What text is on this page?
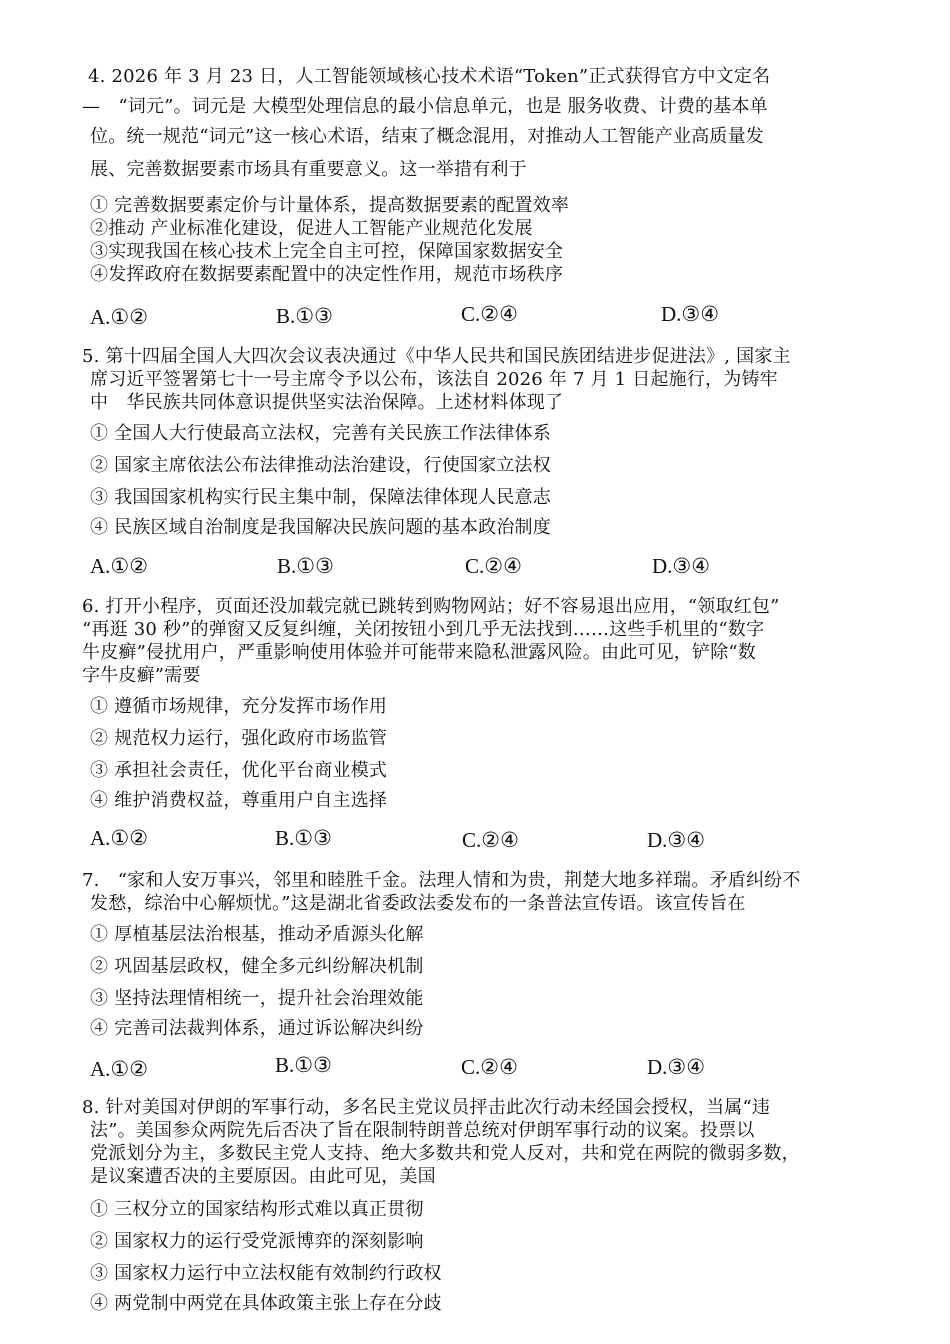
4. 2026 年 3 月 23 日，人工智能领域核心技术术语“Token”正式获得官方中文定名
—　“词元”。词元是 大模型处理信息的最小信息单元，也是 服务收费、计费的基本单
位。统一规范“词元”这一核心术语，结束了概念混用，对推动人工智能产业高质量发
展、完善数据要素市场具有重要意义。这一举措有利于
① 完善数据要素定价与计量体系，提高数据要素的配置效率
②推动 产业标准化建设，促进人工智能产业规范化发展
③实现我国在核心技术上完全自主可控，保障国家数据安全
④发挥政府在数据要素配置中的决定性作用，规范市场秩序
A.①②	B.①③	C.②④	D.③④
5. 第十四届全国人大四次会议表决通过《中华人民共和国民族团结进步促进法》, 国家主
席习近平签署第七十一号主席令予以公布，该法自 2026 年 7 月 1 日起施行，为铸牢
中　华民族共同体意识提供坚实法治保障。上述材料体现了
① 全国人大行使最高立法权，完善有关民族工作法律体系
② 国家主席依法公布法律推动法治建设，行使国家立法权
③ 我国国家机构实行民主集中制，保障法律体现人民意志
④ 民族区域自治制度是我国解决民族问题的基本政治制度
A.①②	B.①③	C.②④	D.③④
6. 打开小程序，页面还没加载完就已跳转到购物网站；好不容易退出应用，“领取红包”
“再逛 30 秒”的弹窗又反复纠缠，关闭按钮小到几乎无法找到……这些手机里的“数字
牛皮癣”侵扰用户，严重影响使用体验并可能带来隐私泄露风险。由此可见，铲除“数
字牛皮癣”需要
① 遵循市场规律，充分发挥市场作用
② 规范权力运行，强化政府市场监管
③ 承担社会责任，优化平台商业模式
④ 维护消费权益，尊重用户自主选择
A.①②	B.①③	C.②④	D.③④
7.　“家和人安万事兴，邻里和睦胜千金。法理人情和为贵，荆楚大地多祥瑞。矛盾纠纷不
发愁，综治中心解烦忧。”这是湖北省委政法委发布的一条普法宣传语。该宣传旨在
① 厚植基层法治根基，推动矛盾源头化解
② 巩固基层政权，健全多元纠纷解决机制
③ 坚持法理情相统一，提升社会治理效能
④ 完善司法裁判体系，通过诉讼解决纠纷
A.①②	B.①③	C.②④	D.③④
8. 针对美国对伊朗的军事行动，多名民主党议员抨击此次行动未经国会授权，当属“违
法”。美国参众两院先后否决了旨在限制特朗普总统对伊朗军事行动的议案。投票以
党派划分为主，多数民主党人支持、绝大多数共和党人反对，共和党在两院的微弱多数，
是议案遭否决的主要原因。由此可见，美国
① 三权分立的国家结构形式难以真正贯彻
② 国家权力的运行受党派博弈的深刻影响
③ 国家权力运行中立法权能有效制约行政权
④ 两党制中两党在具体政策主张上存在分歧
